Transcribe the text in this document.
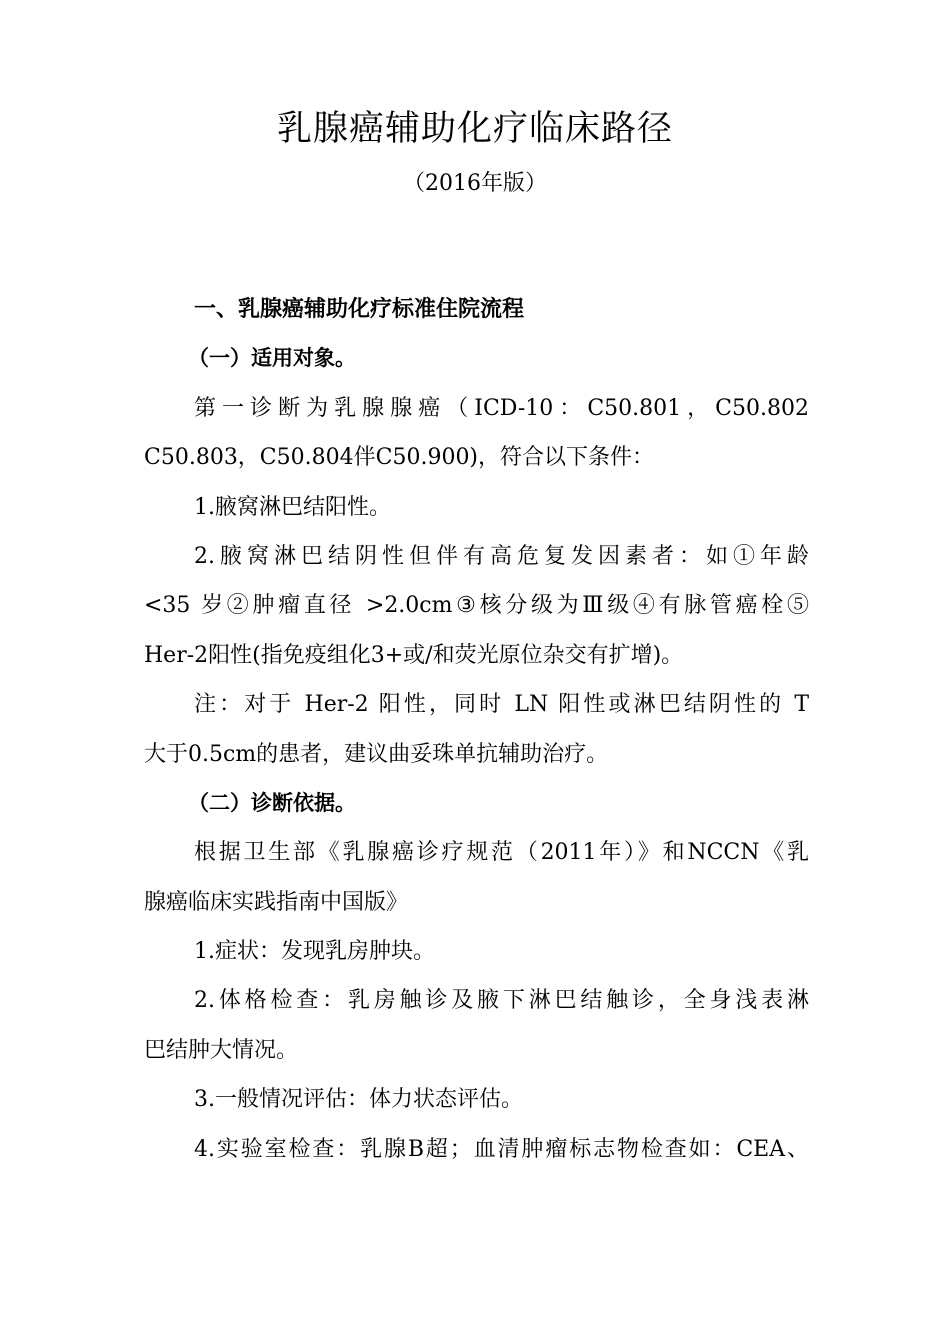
乳腺癌辅助化疗临床路径
（2016年版）
一、乳腺癌辅助化疗标准住院流程
（一）适用对象。
第一诊断为乳腺腺癌（ICD-10：C50.801，C50.802
C50.803，C50.804伴C50.900)，符合以下条件：
1.腋窝淋巴结阳性。
2.腋窝淋巴结阴性但伴有高危复发因素者：如①年龄
<35 岁②肿瘤直径 >2.0cm③核分级为Ⅲ级④有脉管癌栓⑤
Her-2阳性(指免疫组化3+或/和荧光原位杂交有扩增)。
注：对于 Her-2 阳性，同时 LN 阳性或淋巴结阴性的 T
大于0.5cm的患者，建议曲妥珠单抗辅助治疗。
（二）诊断依据。
根据卫生部《乳腺癌诊疗规范（2011年）》和NCCN《乳
腺癌临床实践指南中国版》
1.症状：发现乳房肿块。
2.体格检查：乳房触诊及腋下淋巴结触诊，全身浅表淋
巴结肿大情况。
3.一般情况评估：体力状态评估。
4.实验室检查：乳腺B超；血清肿瘤标志物检查如：CEA、
